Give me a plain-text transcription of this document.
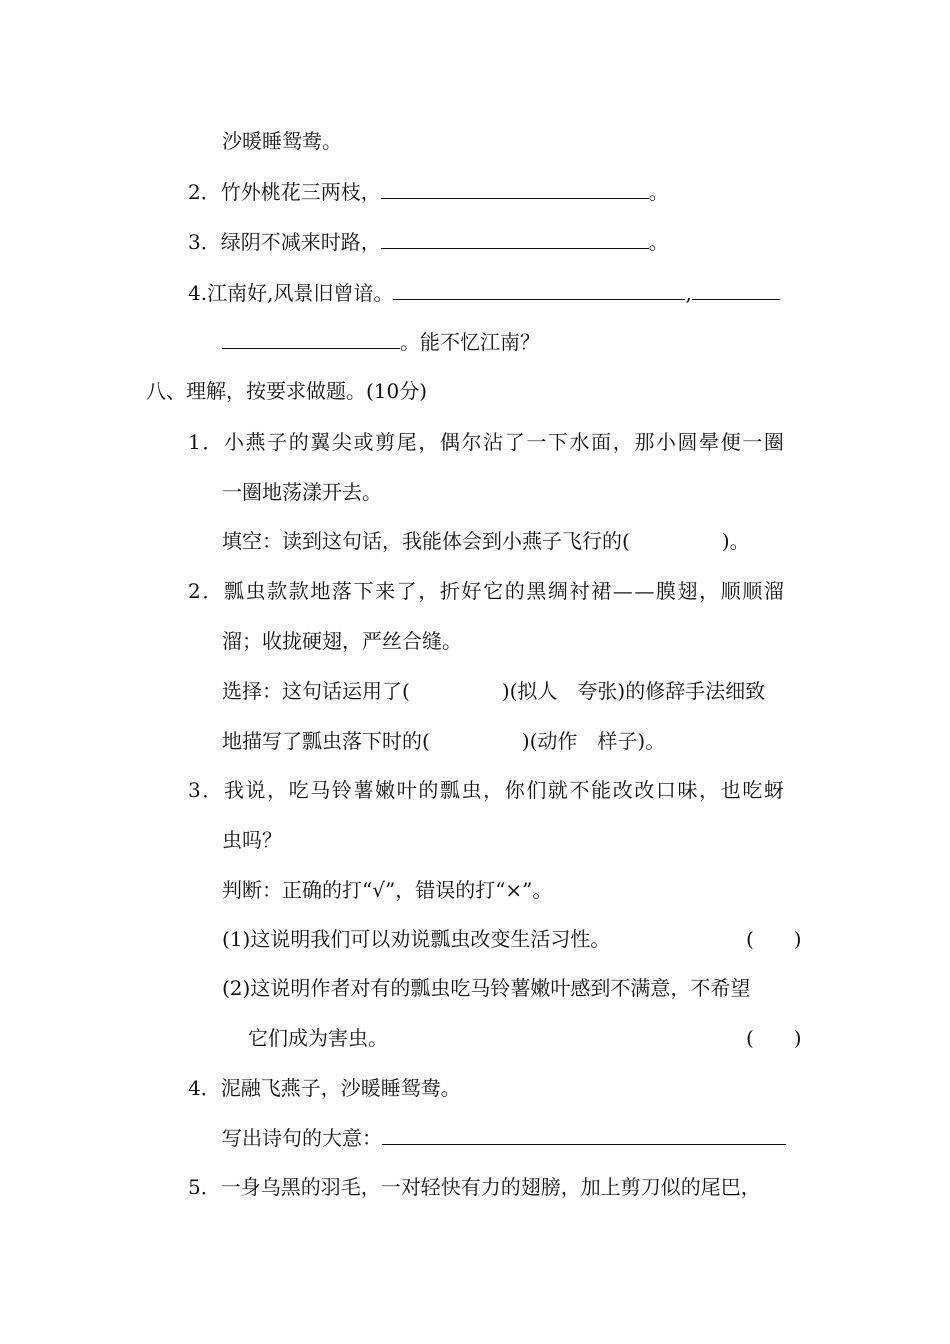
沙暖睡鸳鸯。
2．竹外桃花三两枝，	。
3．绿阴不减来时路，	。
4.江南好,风景旧曾谙。	,
。能不忆江南？
八、理解，按要求做题。(10分)
1．小燕子的翼尖或剪尾，偶尔沾了一下水面，那小圆晕便一圈
一圈地荡漾开去。
填空：读到这句话，我能体会到小燕子飞行的(	)。
2．瓢虫款款地落下来了，折好它的黑绸衬裙——膜翅，顺顺溜
溜；收拢硬翅，严丝合缝。
选择：这句话运用了(	)(拟人　夸张)的修辞手法细致
地描写了瓢虫落下时的(	)(动作　样子)。
3．我说，吃马铃薯嫩叶的瓢虫，你们就不能改改口味，也吃蚜
虫吗？
判断：正确的打“√”，错误的打“×”。
(1)这说明我们可以劝说瓢虫改变生活习性。	(　　)
(2)这说明作者对有的瓢虫吃马铃薯嫩叶感到不满意，不希望
它们成为害虫。	(　　)
4．泥融飞燕子，沙暖睡鸳鸯。
写出诗句的大意：
5．一身乌黑的羽毛，一对轻快有力的翅膀，加上剪刀似的尾巴，
